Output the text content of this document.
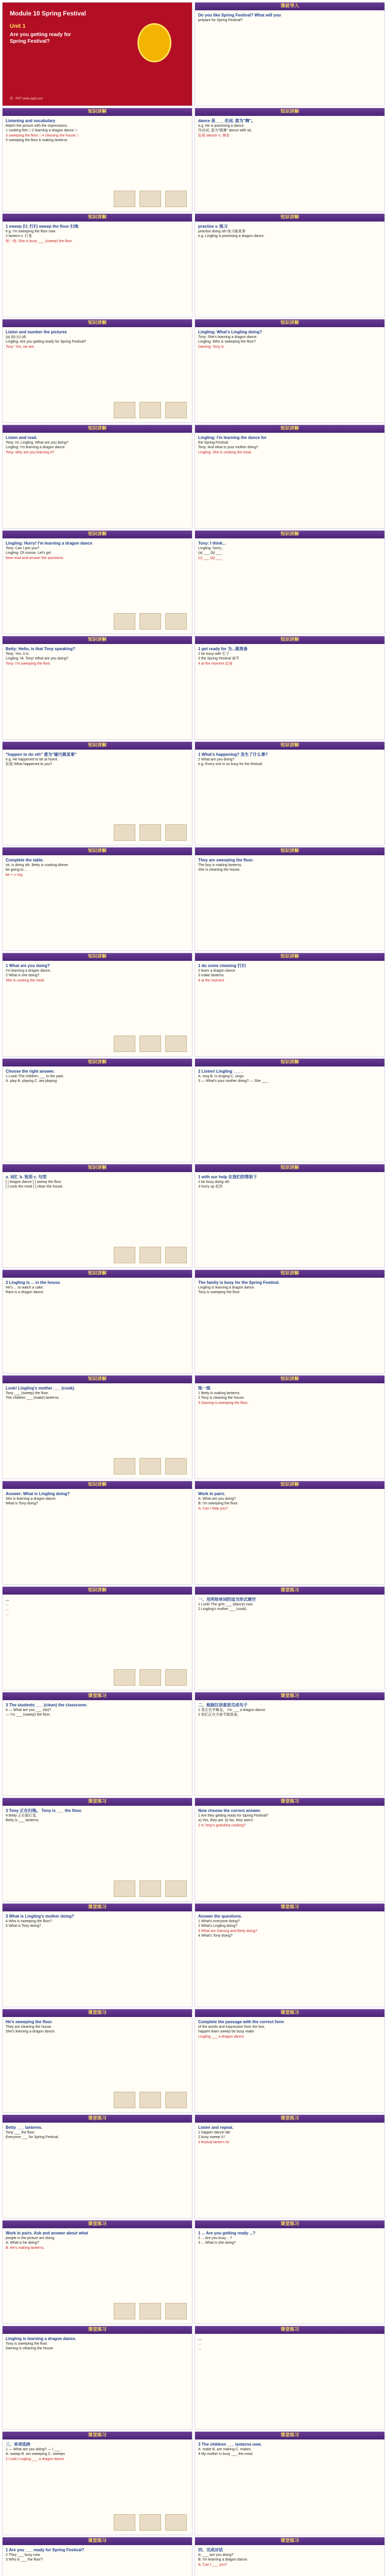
Module 10 Spring Festival
Unit 1
Are you getting ready for Spring Festival?
第一PPT www.1ppt.com
课前导入

Do you like Spring Festival? What will you

prepare for Spring Festival?

知识讲解

Listening and vocabulary

Match the picture with the expressions.

1 cooking fish □ 2 learning a dragon dance □

3 sweeping the floor □ 4 cleaning the house □

5 sweeping the floor 6 making lanterns

知识讲解

dance 是 ___ 名词, 意为"舞"。

e.g. He is practising a dance.

作动词, 意为"跳舞" dance with sb.

拓展 dancer n. 舞者

知识讲解

1 sweep 扫; 打扫 sweep the floor 扫地

e.g. I'm sweeping the floor now.

2 lantern n. 灯笼

练一练: She is busy ___ (sweep) the floor.

知识讲解

practise v. 练习

practise doing sth 练习做某事

e.g. Lingling is practising a dragon dance.

知识讲解

Listen and number the pictures

(a) (b) (c) (d)

Lingling: Are you getting ready for Spring Festival?

Tony: Yes, we are.

知识讲解

Lingling: What's Lingling doing?

Tony: She's learning a dragon dance.

Lingling: Who is sweeping the floor?

Daming: Tony is.

知识讲解

Listen and read.

Tony: Hi, Lingling. What are you doing?

Lingling: I'm learning a dragon dance.

Tony: Why are you learning it?

知识讲解

Lingling: I'm learning the dance for

the Spring Festival.

Tony: And what is your mother doing?

Lingling: She is cooking the meal.

知识讲解

Lingling: Hurry! I'm learning a dragon dance

Tony: Can I join you?

Lingling: Of course. Let's go!

Now read and answer the questions.

知识讲解

Tony: I think...

Lingling: Sorry...

(a) ___ (b) ___

(c) ___ (d) ___

知识讲解

Betty: Hello, is that Tony speaking?

Tony: Yes, it is.

Lingling: Hi, Tony! What are you doing?

Tony: I'm sweeping the floor.

知识讲解

1 get ready for 为...做准备

2 be busy with 忙于

3 the Spring Festival 春节

4 at the moment 此刻

知识讲解

"happen to do sth" 意为"碰巧做某事"

e.g. He happened to be at home.

拓展 What happened to you?

知识讲解

1 What's happening? 发生了什么事?

2 What are you doing?

e.g. Every one is so busy for the festival.

知识讲解

Complete the table.

sb. is doing sth. Betty is cooking dinner.

be going to ...

be + v.-ing

知识讲解

They are sweeping the floor.

The boy is making lanterns.

She is cleaning the house.

知识讲解

1 What are you doing?

I'm learning a dragon dance.

2 What is she doing?

She is cooking the meal.

知识讲解

1 do some cleaning 打扫

2 learn a dragon dance

3 make lanterns

4 at the moment

知识讲解

Choose the right answer.

1 Look! The children ___ in the park.

A. play B. playing C. are playing

知识讲解

2 Listen! Lingling ___ .

A. sing B. is singing C. sings

3 — What's your mother doing? — She ___.

知识讲解

a. 词汇 b. 短语 c. 句型

[ ] dragon dance [ ] sweep the floor

[ ] cook the meal [ ] clean the house

知识讲解

1 with our help 在我们的帮助下

2 be busy doing sth

3 hurry up 赶快

知识讲解

2 Lingling is ... in the house.

He's ... to watch a cake.

Rare is a dragon dance.

知识讲解

The family is busy for the Spring Festival.

Lingling is learning a dragon dance.

Tony is sweeping the floor.

知识讲解

Look! Lingling's mother ___ (cook).

Tony ___ (sweep) the floor.

The children ___ (make) lanterns.

知识讲解

练一练

1 Betty is making lanterns.

2 Tony is cleaning the house.

3 Daming is sweeping the floor.

知识讲解

Answer: What is Lingling doing?

She is learning a dragon dance.

What is Tony doing?

知识讲解

Work in pairs.

A: What are you doing?

B: I'm sweeping the floor.

A: Can I help you?

知识讲解

...

...

...

...

课堂练习

一、用所给单词的适当形式填空

1 Look! The girls ___ (dance) now.

2 Lingling's mother ___ (cook).

课堂练习

3 The students ___ (clean) the classroom.

4 — What are you ___ (do)?

— I'm ___ (sweep) the floor.

课堂练习

二、根据汉语意思完成句子

1 我正在学舞龙。 I'm ___ a dragon dance.

2 他们正在为春节做准备。

课堂练习

3 Tony 正在扫地。 Tony is ___ the floor.

4 Betty 正在做灯笼。

Betty is ___ lanterns.

课堂练习

Now choose the correct answer.

1 Are they getting ready for Spring Festival?

a) Yes, they are. b) No, they aren't.

2 Is Tony's grandma cooking?

课堂练习

3 What is Lingling's mother doing?

4 Who is sweeping the floor?

5 What is Tony doing?

课堂练习

Answer the questions.

1 What's everyone doing?

2 What's Lingling doing?

3 What are Daming and Betty doing?

4 What's Tony doing?

课堂练习

He's sweeping the floor.

They are cleaning the house.

She's learning a dragon dance.

课堂练习

Complete the passage with the correct form

of the words and expression from the box.

happen learn sweep be busy make

Lingling ___ a dragon dance.

课堂练习

Betty ___ lanterns.

Tony ___ the floor.

Everyone ___ for Spring Festival.

课堂练习

Listen and repeat.

1 happen dance /æ/

2 busy sweep /i:/

3 festival lantern /e/

课堂练习

Work in pairs. Ask and answer about what

people in the picture are doing.

A: What is he doing?

B: He's making lanterns.

课堂练习

1 ... Are you getting ready ...?

2 ... Are you busy ...?

3 ... What is she doing?

课堂练习

Lingling is learning a dragon dance.

Tony is sweeping the floor.

Daming is cleaning the house.

课堂练习

...

...

...

课堂练习

三、单项选择

1 — What are you doing? — I ___ .

A. sweep B. am sweeping C. sweeps

2 Look! Lingling ___ a dragon dance.

课堂练习

3 The children ___ lanterns now.

A. make B. are making C. makes

4 My mother is busy ___ the meal.

课堂练习

1 Are you ___ ready for Spring Festival?

2 They ___ busy now.

3 Who is ___ the floor?

课堂练习

四、完成对话

A: ___ are you doing?

B: I'm learning a dragon dance.

A: Can I ___ you?
